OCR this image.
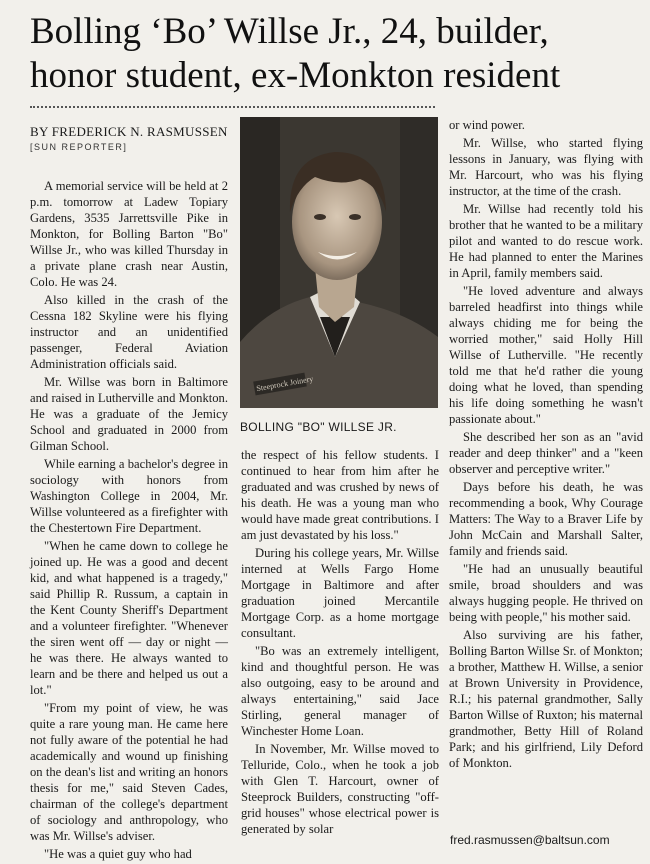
Bolling ‘Bo’ Willse Jr., 24, builder,
honor student, ex-Monkton resident
BY FREDERICK N. RASMUSSEN
[SUN REPORTER]

A memorial service will be held at 2 p.m. tomorrow at Ladew Topiary Gardens, 3535 Jarrettsville Pike in Monkton, for Bolling Barton "Bo" Willse Jr., who was killed Thursday in a private plane crash near Austin, Colo. He was 24.

Also killed in the crash of the Cessna 182 Skyline were his flying instructor and an unidentified passenger, Federal Aviation Administration officials said.

Mr. Willse was born in Baltimore and raised in Lutherville and Monkton. He was a graduate of the Jemicy School and graduated in 2000 from Gilman School.

While earning a bachelor's degree in sociology with honors from Washington College in 2004, Mr. Willse volunteered as a firefighter with the Chestertown Fire Department.

"When he came down to college he joined up. He was a good and decent kid, and what happened is a tragedy," said Phillip R. Russum, a captain in the Kent County Sheriff's Department and a volunteer firefighter. "Whenever the siren went off — day or night — he was there. He always wanted to learn and be there and helped us out a lot."

"From my point of view, he was quite a rare young man. He came here not fully aware of the potential he had academically and wound up finishing on the dean's list and writing an honors thesis for me," said Steven Cades, chairman of the college's department of sociology and anthropology, who was Mr. Willse's adviser.

"He was a quiet guy who had

Steeprock Joinery
BOLLING "BO" WILLSE JR.

the respect of his fellow students. I continued to hear from him after he graduated and was crushed by news of his death. He was a young man who would have made great contributions. I am just devastated by his loss."

During his college years, Mr. Willse interned at Wells Fargo Home Mortgage in Baltimore and after graduation joined Mercantile Mortgage Corp. as a home mortgage consultant.

"Bo was an extremely intelligent, kind and thoughtful person. He was also outgoing, easy to be around and always entertaining," said Jace Stirling, general manager of Winchester Home Loan.

In November, Mr. Willse moved to Telluride, Colo., when he took a job with Glen T. Harcourt, owner of Steeprock Builders, constructing "off-grid houses" whose electrical power is generated by solar

or wind power.

Mr. Willse, who started flying lessons in January, was flying with Mr. Harcourt, who was his flying instructor, at the time of the crash.

Mr. Willse had recently told his brother that he wanted to be a military pilot and wanted to do rescue work. He had planned to enter the Marines in April, family members said.

"He loved adventure and always barreled headfirst into things while always chiding me for being the worried mother," said Holly Hill Willse of Lutherville. "He recently told me that he'd rather die young doing what he loved, than spending his life doing something he wasn't passionate about."

She described her son as an "avid reader and deep thinker" and a "keen observer and perceptive writer."

Days before his death, he was recommending a book, Why Courage Matters: The Way to a Braver Life by John McCain and Marshall Salter, family and friends said.

"He had an unusually beautiful smile, broad shoulders and was always hugging people. He thrived on being with people," his mother said.

Also surviving are his father, Bolling Barton Willse Sr. of Monkton; a brother, Matthew H. Willse, a senior at Brown University in Providence, R.I.; his paternal grandmother, Sally Barton Willse of Ruxton; his maternal grandmother, Betty Hill of Roland Park; and his girlfriend, Lily Deford of Monkton.

fred.rasmussen@baltsun.com
